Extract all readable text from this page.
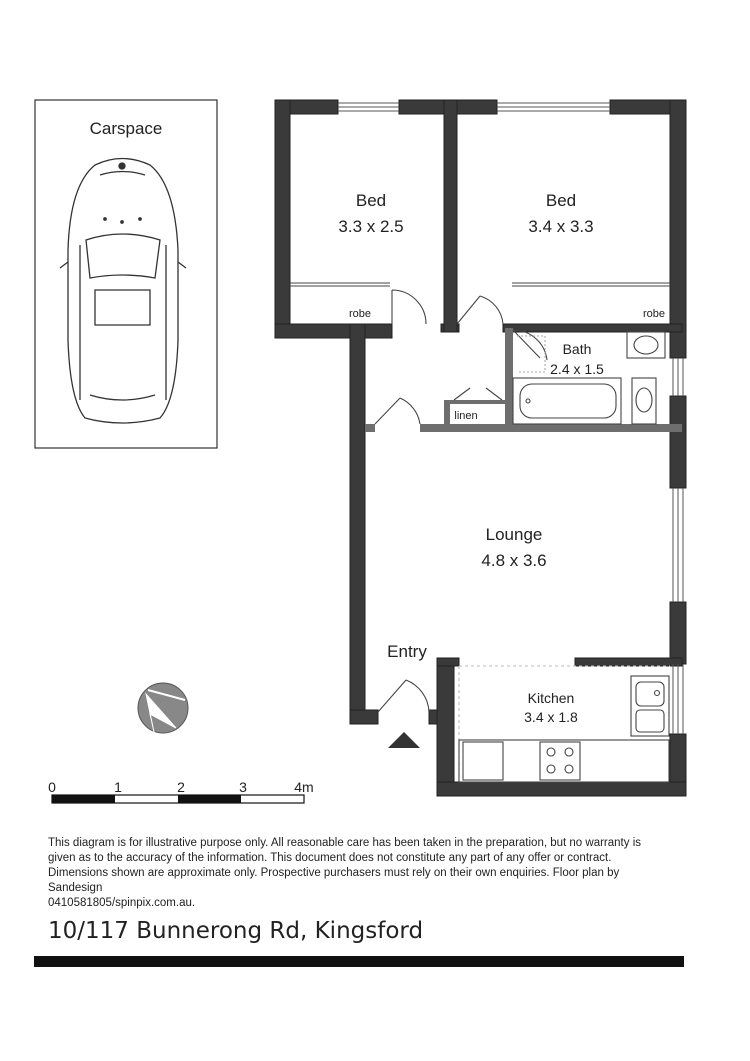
Carspace
Bed
3.3 x 2.5
Bed
3.4 x 3.3
robe	robe
Bath
2.4 x 1.5
linen
Lounge
4.8 x 3.6
Entry
Kitchen
3.4 x 1.8
0	1	2	3	4m

This diagram is for illustrative purpose only. All reasonable care has been taken in the preparation, but no warranty is

given as to the accuracy of the information. This document does not constitute any part of any offer or contract.

Dimensions shown are approximate only. Prospective purchasers must rely on their own enquiries. Floor plan by Sandesign

0410581805/spinpix.com.au.

10/117 Bunnerong Rd, Kingsford
